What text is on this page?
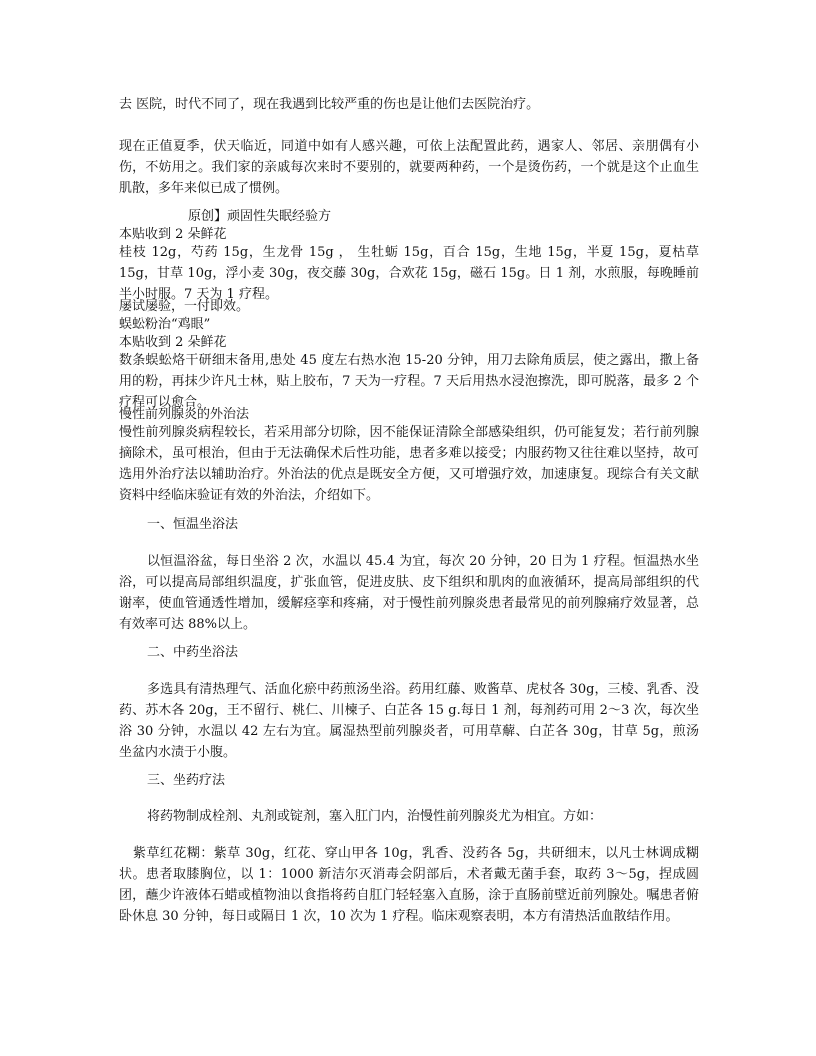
去 医院，时代不同了，现在我遇到比较严重的伤也是让他们去医院治疗。

现在正值夏季，伏天临近，同道中如有人感兴趣，可依上法配置此药，遇家人、邻居、亲朋偶有小伤，不妨用之。我们家的亲戚每次来时不要别的，就要两种药，一个是烫伤药，一个就是这个止血生肌散，多年来似已成了惯例。

原创】顽固性失眠经验方

本贴收到 2 朵鲜花

桂枝 12g，芍药 15g，生龙骨 15g ， 生牡蛎 15g，百合 15g，生地 15g，半夏 15g，夏枯草 15g，甘草 10g，浮小麦 30g，夜交藤 30g，合欢花 15g，磁石 15g。日 1 剂，水煎服，每晚睡前 半小时服。7 天为 1 疗程。

屡试屡验，一付即效。

蜈蚣粉治“鸡眼”

本贴收到 2 朵鲜花

数条蜈蚣烙干研细末备用,患处 45 度左右热水泡 15-20 分钟，用刀去除角质层，使之露出，撒上备用的粉，再抹少许凡士林，贴上胶布，7 天为一疗程。7 天后用热水浸泡擦洗，即可脱落，最多 2 个疗程可以愈合。

慢性前列腺炎的外治法

慢性前列腺炎病程较长，若采用部分切除，因不能保证清除全部感染组织，仍可能复发；若行前列腺摘除术，虽可根治，但由于无法确保术后性功能，患者多难以接受；内服药物又往往难以坚持，故可选用外治疗法以辅助治疗。外治法的优点是既安全方便，又可增强疗效，加速康复。现综合有关文献资料中经临床验证有效的外治法，介绍如下。

一、恒温坐浴法

以恒温浴盆，每日坐浴 2 次，水温以 45.4 为宜，每次 20 分钟，20 日为 1 疗程。恒温热水坐浴，可以提高局部组织温度，扩张血管，促进皮肤、皮下组织和肌肉的血液循环，提高局部组织的代谢率，使血管通透性增加，缓解痉挛和疼痛，对于慢性前列腺炎患者最常见的前列腺痛疗效显著，总有效率可达 88%以上。

二、中药坐浴法

多选具有清热理气、活血化瘀中药煎汤坐浴。药用红藤、败酱草、虎杖各 30g，三棱、乳香、没药、苏木各 20g，王不留行、桃仁、川楝子、白芷各 15 g.每日 1 剂，每剂药可用 2～3 次，每次坐浴 30 分钟，水温以 42 左右为宜。属湿热型前列腺炎者，可用草薢、白芷各 30g，甘草 5g，煎汤坐盆内水渍于小腹。

三、坐药疗法

将药物制成栓剂、丸剂或锭剂，塞入肛门内，治慢性前列腺炎尤为相宜。方如：

紫草红花糊：紫草 30g，红花、穿山甲各 10g，乳香、没药各 5g，共研细末，以凡士林调成糊状。患者取膝胸位，以 1：1000 新洁尔灭消毒会阴部后，术者戴无菌手套，取药 3～5g，捏成圆团，蘸少许液体石蜡或植物油以食指将药自肛门轻轻塞入直肠，涂于直肠前壁近前列腺处。嘱患者俯卧休息 30 分钟，每日或隔日 1 次，10 次为 1 疗程。临床观察表明，本方有清热活血散结作用。
